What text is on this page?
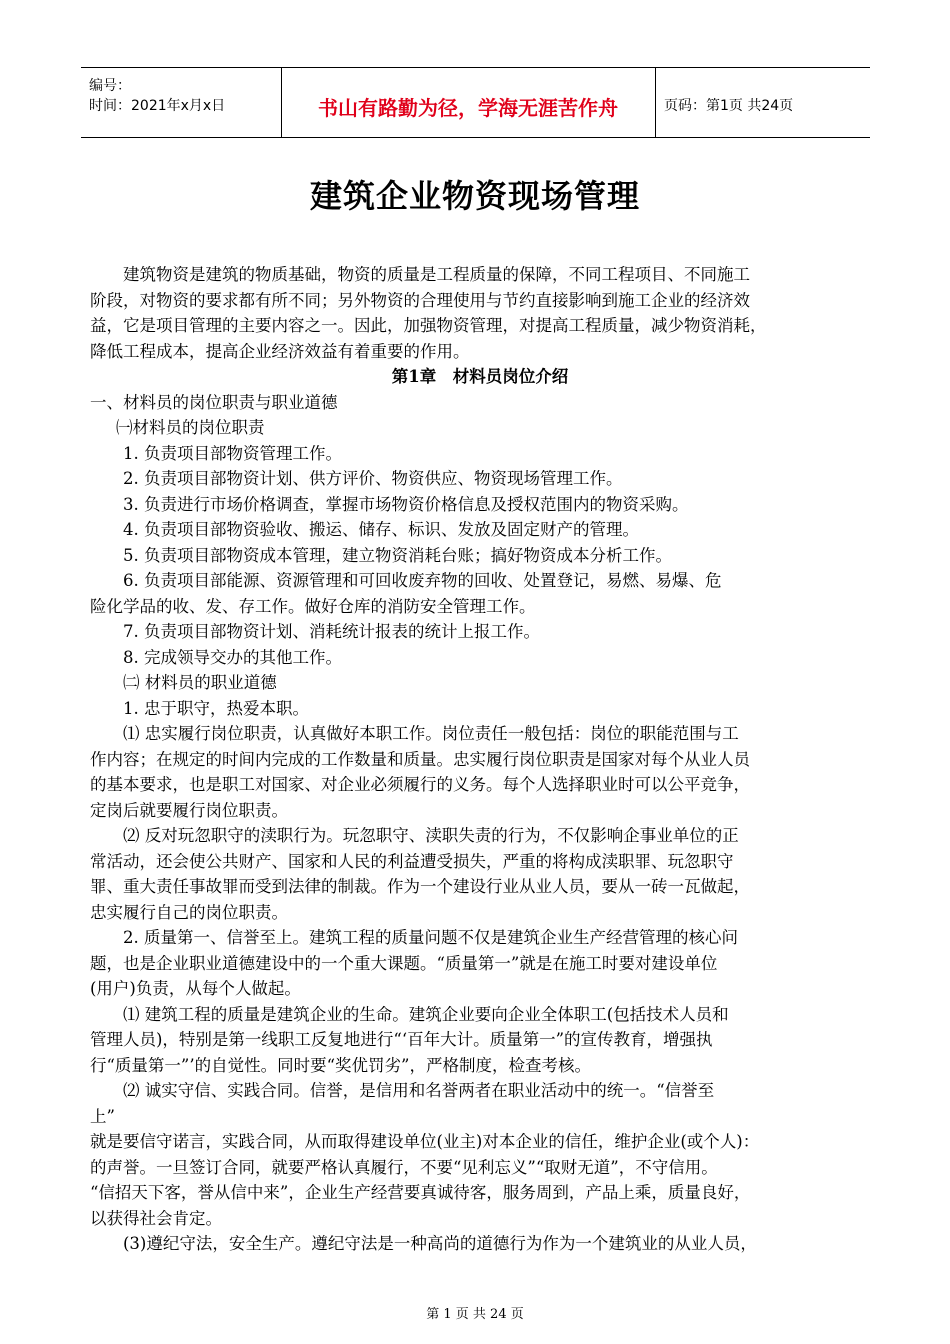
编号：
时间：2021年x月x日	书山有路勤为径，学海无涯苦作舟	页码：第1页 共24页
建筑企业物资现场管理

建筑物资是建筑的物质基础，物资的质量是工程质量的保障，不同工程项目、不同施工

阶段，对物资的要求都有所不同；另外物资的合理使用与节约直接影响到施工企业的经济效

益，它是项目管理的主要内容之一。因此，加强物资管理，对提高工程质量，减少物资消耗，

降低工程成本，提高企业经济效益有着重要的作用。

第1章　材料员岗位介绍

一、材料员的岗位职责与职业道德

㈠材料员的岗位职责

1. 负责项目部物资管理工作。

2. 负责项目部物资计划、供方评价、物资供应、物资现场管理工作。

3. 负责进行市场价格调查，掌握市场物资价格信息及授权范围内的物资采购。

4. 负责项目部物资验收、搬运、储存、标识、发放及固定财产的管理。

5. 负责项目部物资成本管理，建立物资消耗台账；搞好物资成本分析工作。

6. 负责项目部能源、资源管理和可回收废弃物的回收、处置登记，易燃、易爆、危

险化学品的收、发、存工作。做好仓库的消防安全管理工作。

7. 负责项目部物资计划、消耗统计报表的统计上报工作。

8. 完成领导交办的其他工作。

㈡ 材料员的职业道德

1. 忠于职守，热爱本职。

⑴ 忠实履行岗位职责，认真做好本职工作。岗位责任一般包括：岗位的职能范围与工

作内容；在规定的时间内完成的工作数量和质量。忠实履行岗位职责是国家对每个从业人员

的基本要求，也是职工对国家、对企业必须履行的义务。每个人选择职业时可以公平竞争，

定岗后就要履行岗位职责。

⑵ 反对玩忽职守的渎职行为。玩忽职守、渎职失责的行为，不仅影响企事业单位的正

常活动，还会使公共财产、国家和人民的利益遭受损失，严重的将构成渎职罪、玩忽职守

罪、重大责任事故罪而受到法律的制裁。作为一个建设行业从业人员，要从一砖一瓦做起，

忠实履行自己的岗位职责。

2. 质量第一、信誉至上。建筑工程的质量问题不仅是建筑企业生产经营管理的核心问

题，也是企业职业道德建设中的一个重大课题。“质量第一”就是在施工时要对建设单位

(用户)负责，从每个人做起。

⑴ 建筑工程的质量是建筑企业的生命。建筑企业要向企业全体职工(包括技术人员和

管理人员)，特别是第一线职工反复地进行“‘百年大计。质量第一”的宣传教育，增强执

行“质量第一”’的自觉性。同时要“奖优罚劣”，严格制度，检查考核。

⑵ 诚实守信、实践合同。信誉，是信用和名誉两者在职业活动中的统一。“信誉至

上”

就是要信守诺言，实践合同，从而取得建设单位(业主)对本企业的信任，维护企业(或个人)：

的声誉。一旦签订合同，就要严格认真履行，不要“见利忘义”“取财无道”，不守信用。

“信招天下客，誉从信中来”，企业生产经营要真诚待客，服务周到，产品上乘，质量良好，

以获得社会肯定。

(3)遵纪守法，安全生产。遵纪守法是一种高尚的道德行为作为一个建筑业的从业人员，

第 1 页 共 24 页
